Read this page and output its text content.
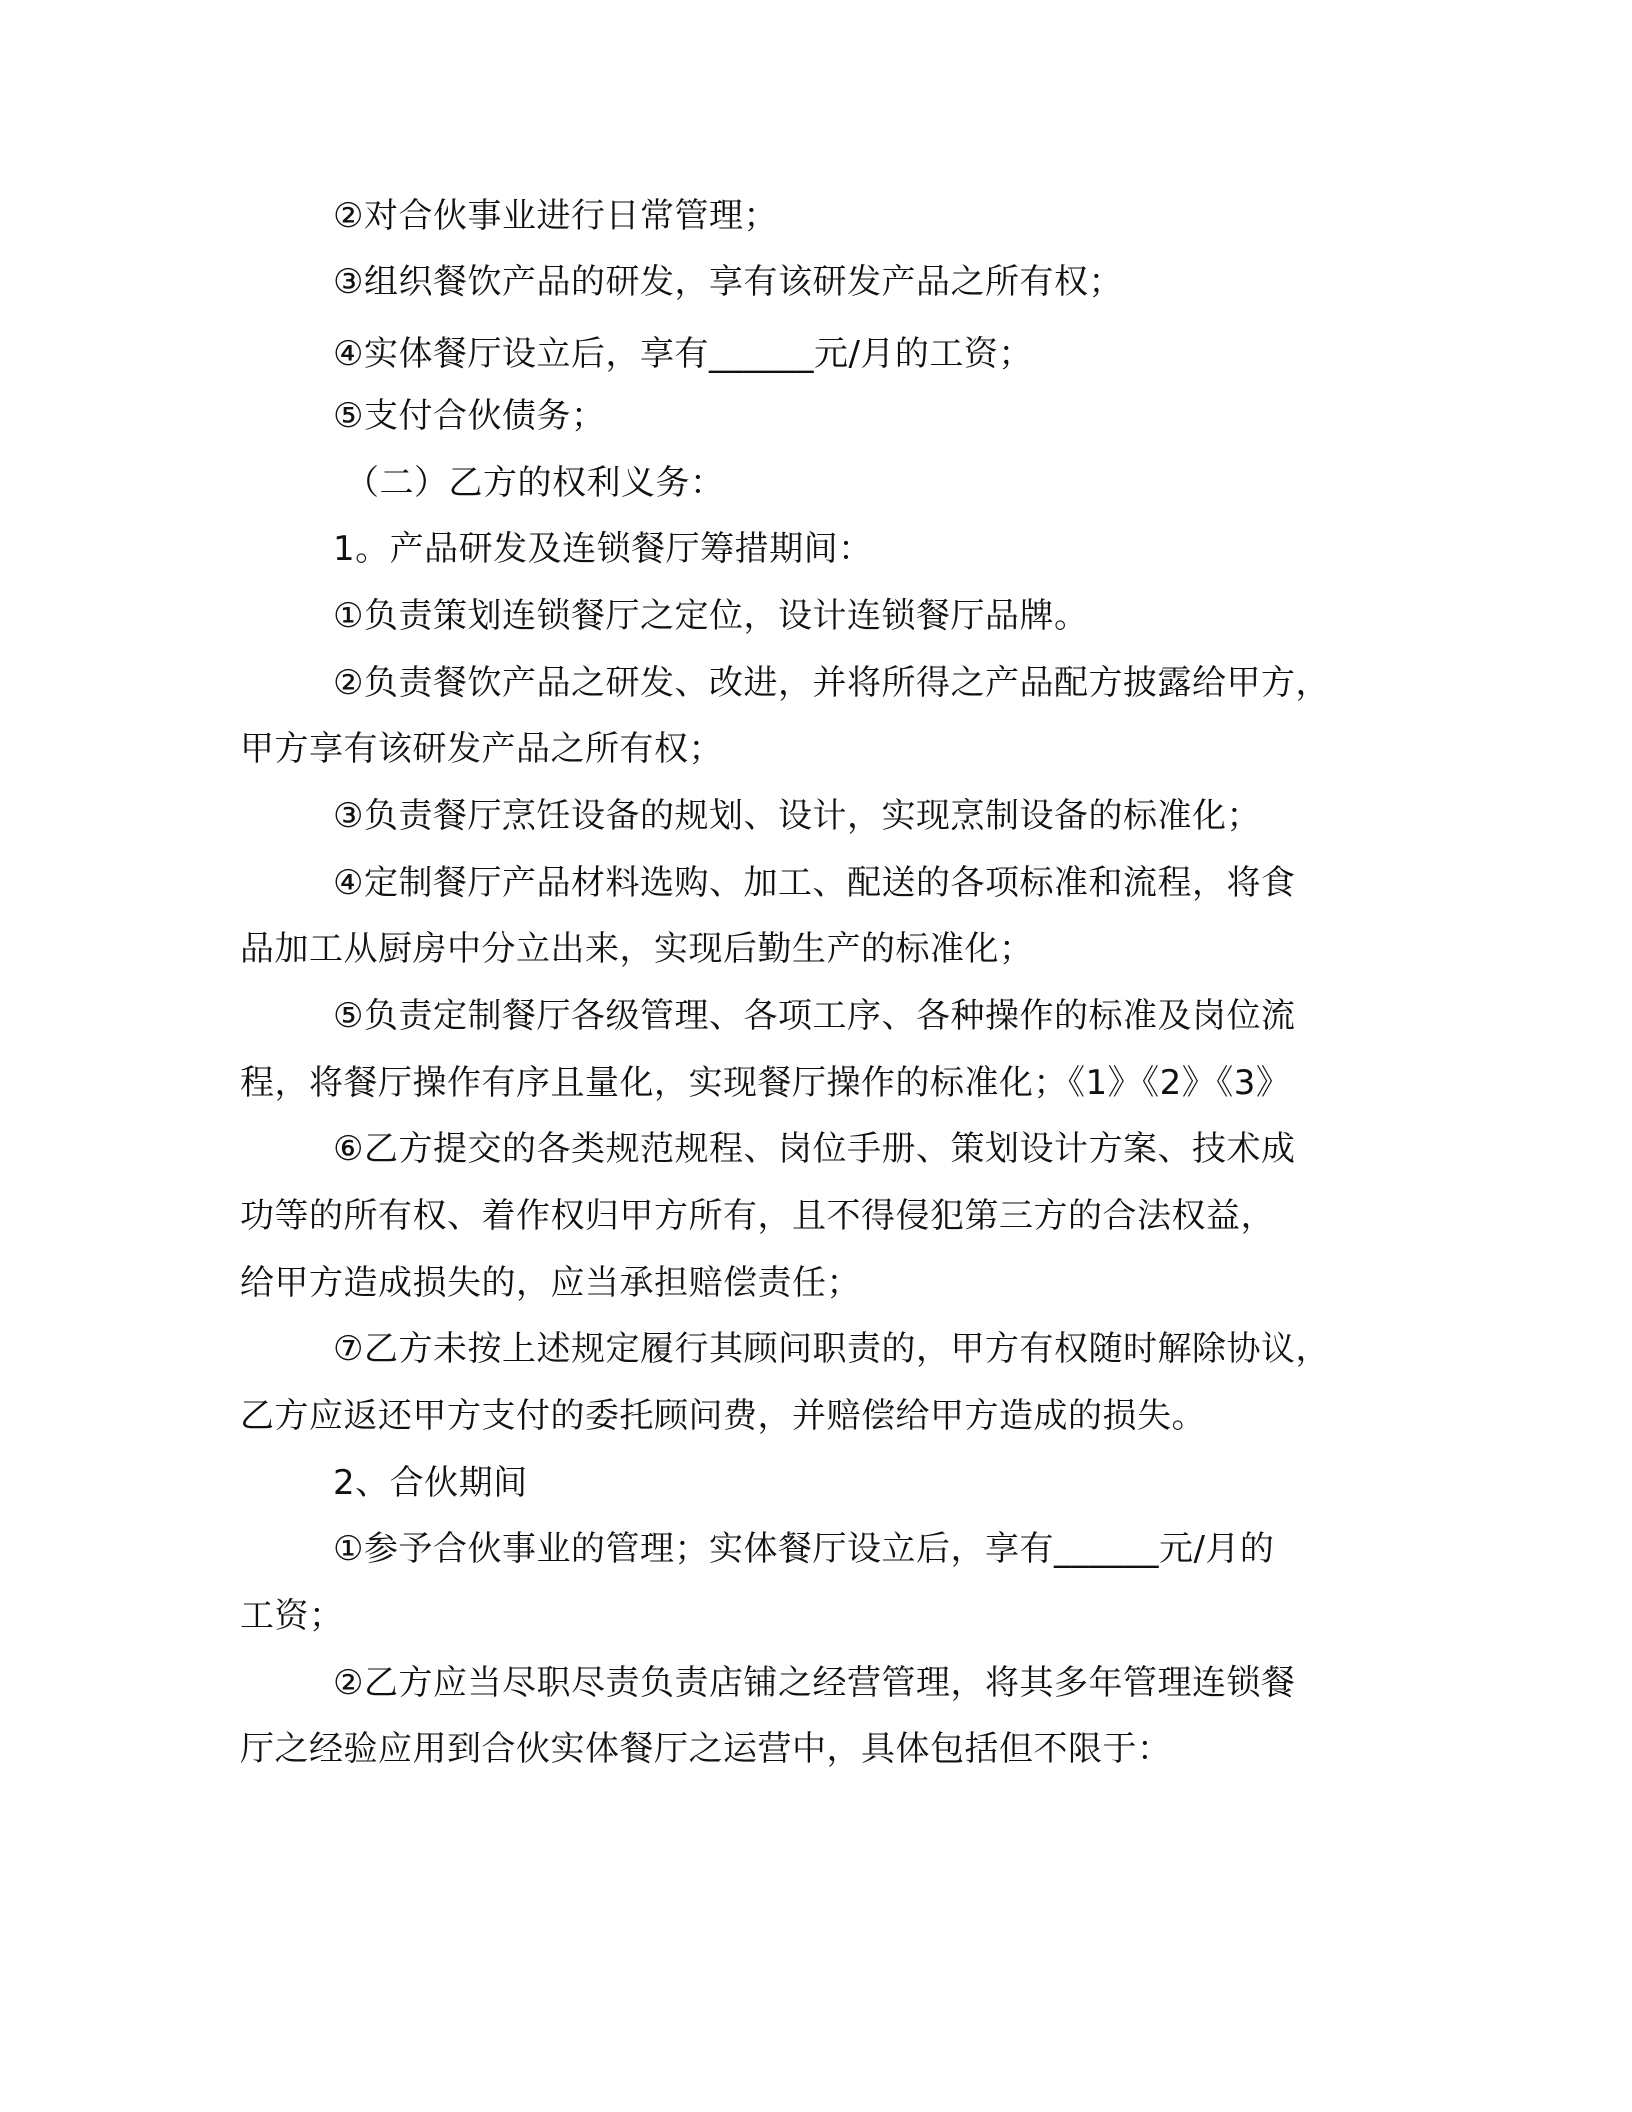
②对合伙事业进行日常管理；
③组织餐饮产品的研发，享有该研发产品之所有权；
④实体餐厅设立后，享有______元/月的工资；
⑤支付合伙债务；
（二）乙方的权利义务：
1。产品研发及连锁餐厅筹措期间：
①负责策划连锁餐厅之定位，设计连锁餐厅品牌。
②负责餐饮产品之研发、改进，并将所得之产品配方披露给甲方，
甲方享有该研发产品之所有权；
③负责餐厅烹饪设备的规划、设计，实现烹制设备的标准化；
④定制餐厅产品材料选购、加工、配送的各项标准和流程，将食
品加工从厨房中分立出来，实现后勤生产的标准化；
⑤负责定制餐厅各级管理、各项工序、各种操作的标准及岗位流
程，将餐厅操作有序且量化，实现餐厅操作的标准化；《1》《2》《3》
⑥乙方提交的各类规范规程、岗位手册、策划设计方案、技术成
功等的所有权、着作权归甲方所有，且不得侵犯第三方的合法权益，
给甲方造成损失的，应当承担赔偿责任；
⑦乙方未按上述规定履行其顾问职责的，甲方有权随时解除协议，
乙方应返还甲方支付的委托顾问费，并赔偿给甲方造成的损失。
2、合伙期间
①参予合伙事业的管理；实体餐厅设立后，享有______元/月的
工资；
②乙方应当尽职尽责负责店铺之经营管理，将其多年管理连锁餐
厅之经验应用到合伙实体餐厅之运营中，具体包括但不限于：
